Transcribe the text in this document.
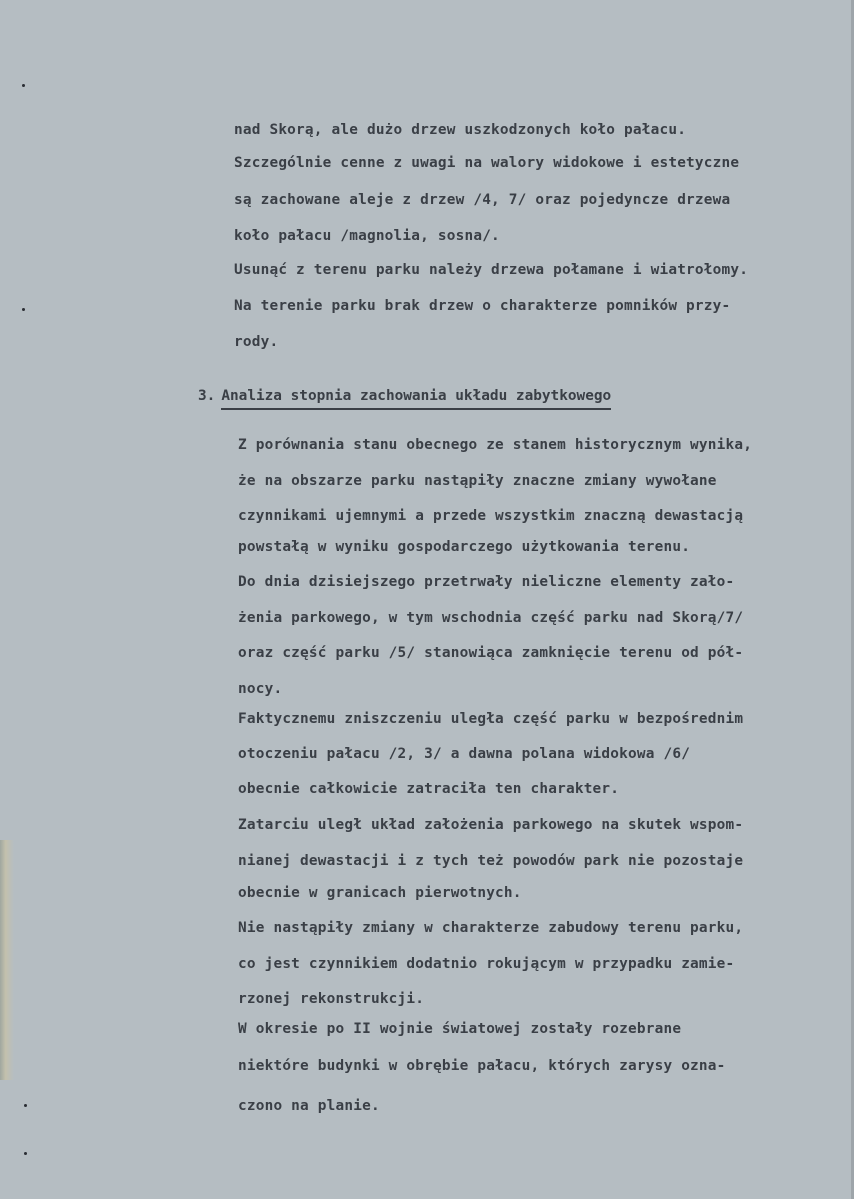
nad Skorą, ale dużo drzew uszkodzonych koło pałacu.
Szczególnie cenne z uwagi na walory widokowe i estetyczne
są zachowane aleje z drzew /4, 7/ oraz pojedyncze drzewa
koło pałacu /magnolia, sosna/.
Usunąć z terenu parku należy drzewa połamane i wiatrołomy.
Na terenie parku brak drzew o charakterze pomników przy-
rody.
3. Analiza stopnia zachowania układu zabytkowego
Z porównania stanu obecnego ze stanem historycznym wynika,
że na obszarze parku nastąpiły znaczne zmiany wywołane
czynnikami ujemnymi a przede wszystkim znaczną dewastacją
powstałą w wyniku gospodarczego użytkowania terenu.
Do dnia dzisiejszego przetrwały nieliczne elementy zało-
żenia parkowego, w tym wschodnia część parku nad Skorą/7/
oraz część parku /5/ stanowiąca zamknięcie terenu od pół-
nocy.
Faktycznemu zniszczeniu uległa część parku w bezpośrednim
otoczeniu pałacu /2, 3/ a dawna polana widokowa /6/
obecnie całkowicie zatraciła ten charakter.
Zatarciu uległ układ założenia parkowego na skutek wspom-
nianej dewastacji i z tych też powodów park nie pozostaje
obecnie w granicach pierwotnych.
Nie nastąpiły zmiany w charakterze zabudowy terenu parku,
co jest czynnikiem dodatnio rokującym w przypadku zamie-
rzonej rekonstrukcji.
W okresie po II wojnie światowej zostały rozebrane
niektóre budynki w obrębie pałacu, których zarysy ozna-
czono na planie.
